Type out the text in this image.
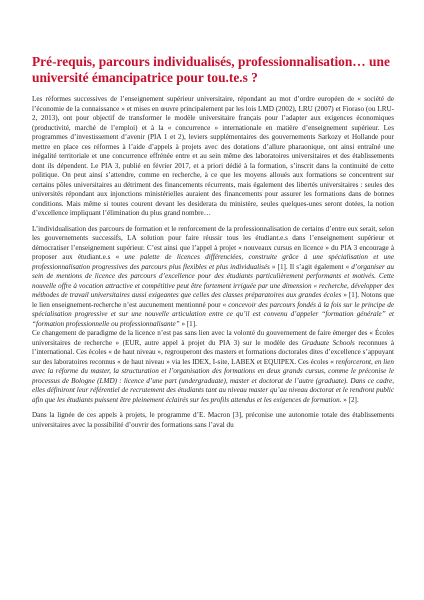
Pré-requis, parcours individualisés, professionnalisation… une université émancipatrice pour tou.te.s ?

Les réformes successives de l’enseignement supérieur universitaire, répondant au mot d’ordre européen de « société de l’économie de la connaissance » et mises en œuvre principalement par les lois LMD (2002), LRU (2007) et Fioraso (ou LRU-2, 2013), ont pour objectif de transformer le modèle universitaire français pour l’adapter aux exigences économiques (productivité, marché de l’emploi) et à la « concurrence » internationale en matière d’enseignement supérieur. Les programmes d’investissement d’avenir (PIA 1 et 2), leviers supplémentaires des gouvernements Sarkozy et Hollande pour mettre en place ces réformes à l’aide d’appels à projets avec des dotations d’allure pharaonique, ont ainsi entraîné une inégalité territoriale et une concurrence effrénée entre et au sein même des laboratoires universitaires et des établissements dont ils dépendent. Le PIA 3, publié en février 2017, et a priori dédié à la formation, s’inscrit dans la continuité de cette politique. On peut ainsi s’attendre, comme en recherche, à ce que les moyens alloués aux formations se concentrent sur certains pôles universitaires au détriment des financements récurrents, mais également des libertés universitaires : seules des universités répondant aux injonctions ministérielles auraient des financements pour assurer les formations dans de bonnes conditions. Mais même si toutes courent devant les desiderata du ministère, seules quelques-unes seront dotées, la notion d’excellence impliquant l’élimination du plus grand nombre…

L’individualisation des parcours de formation et le renforcement de la professionnalisation de certains d’entre eux serait, selon les gouvernements successifs, LA solution pour faire réussir tous les étudiant.e.s dans l’enseignement supérieur et démocratiser l’enseignement supérieur. C’est ainsi que l’appel à projet « nouveaux cursus en licence » du PIA 3 encourage à proposer aux étudiant.e.s « une palette de licences différenciées, construite grâce à une spécialisation et une professionnalisation progressives des parcours plus flexibles et plus individualisés » [1]. Il s’agit également « d’organiser au sein de mentions de licence des parcours d’excellence pour des étudiants particulièrement performants et motivés. Cette nouvelle offre à vocation attractive et compétitive peut être fortement irriguée par une dimension « recherche, développer des méthodes de travail universitaires aussi exigeantes que celles des classes préparatoires aux grandes écoles » [1]. Notons que le lien enseignement-recherche n’est aucunement mentionné pour « concevoir des parcours fondés à la fois sur le principe de spécialisation progressive et sur une nouvelle articulation entre ce qu’il est convenu d’appeler “formation générale” et “formation professionnelle ou professionnalisante” » [1].
Ce changement de paradigme de la licence n’est pas sans lien avec la volonté du gouvernement de faire émerger des « Écoles universitaires de recherche » (EUR, autre appel à projet du PIA 3) sur le modèle des Graduate Schools reconnues à l’international. Ces écoles « de haut niveau », regrouperont des masters et formations doctorales dites d’excellence s’appuyant sur des laboratoires reconnus « de haut niveau » via les IDEX, I-site, LABEX et EQUIPEX. Ces écoles « renforceront, en lien avec la réforme du master, la structuration et l’organisation des formations en deux grands cursus, comme le préconise le processus de Bologne (LMD) : licence d’une part (undergraduate), master et doctorat de l’autre (graduate). Dans ce cadre, elles définiront leur référentiel de recrutement des étudiants tant au niveau master qu’au niveau doctorat et le rendront public afin que les étudiants puissent être pleinement éclairés sur les profils attendus et les exigences de formation. » [2].

Dans la lignée de ces appels à projets, le programme d’E. Macron [3], préconise une autonomie totale des établissements universitaires avec la possibilité d’ouvrir des formations sans l’aval du
